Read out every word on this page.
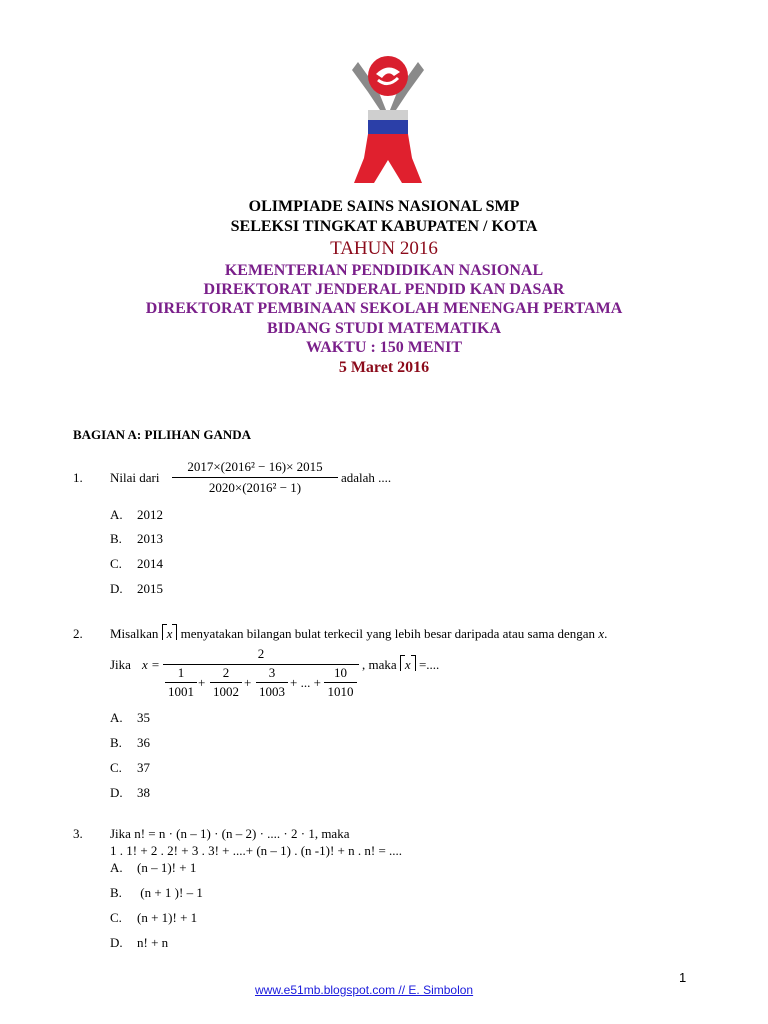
OLIMPIADE SAINS NASIONAL SMP
SELEKSI TINGKAT KABUPATEN / KOTA
TAHUN 2016
KEMENTERIAN PENDIDIKAN NASIONAL
DIREKTORAT JENDERAL PENDID KAN DASAR
DIREKTORAT PEMBINAAN SEKOLAH MENENGAH PERTAMA
BIDANG STUDI MATEMATIKA
WAKTU : 150 MENIT
5 Maret 2016
BAGIAN A: PILIHAN GANDA
1. Nilai dari
2017×(2016² − 16)× 2015
2020×(2016² − 1)
adalah ....
A. 2012
B. 2013
C. 2014
D. 2015
2. Misalkan x menyatakan bilangan bulat terkecil yang lebih besar daripada atau sama dengan x.
Jika x =
2
1
1001
+
2
1002
+
3
1003
+ ... +
10
1010
, maka x =....
A. 35
B. 36
C. 37
D. 38
3. Jika n! = n · (n – 1) · (n – 2) · .... · 2 · 1, maka
1 . 1! + 2 . 2! + 3 . 3! + ....+ (n – 1) . (n -1)! + n . n! = ....
A. (n – 1)! + 1
B. (n + 1 )! – 1
C. (n + 1)! + 1
D. n! + n
1
www.e51mb.blogspot.com // E. Simbolon
